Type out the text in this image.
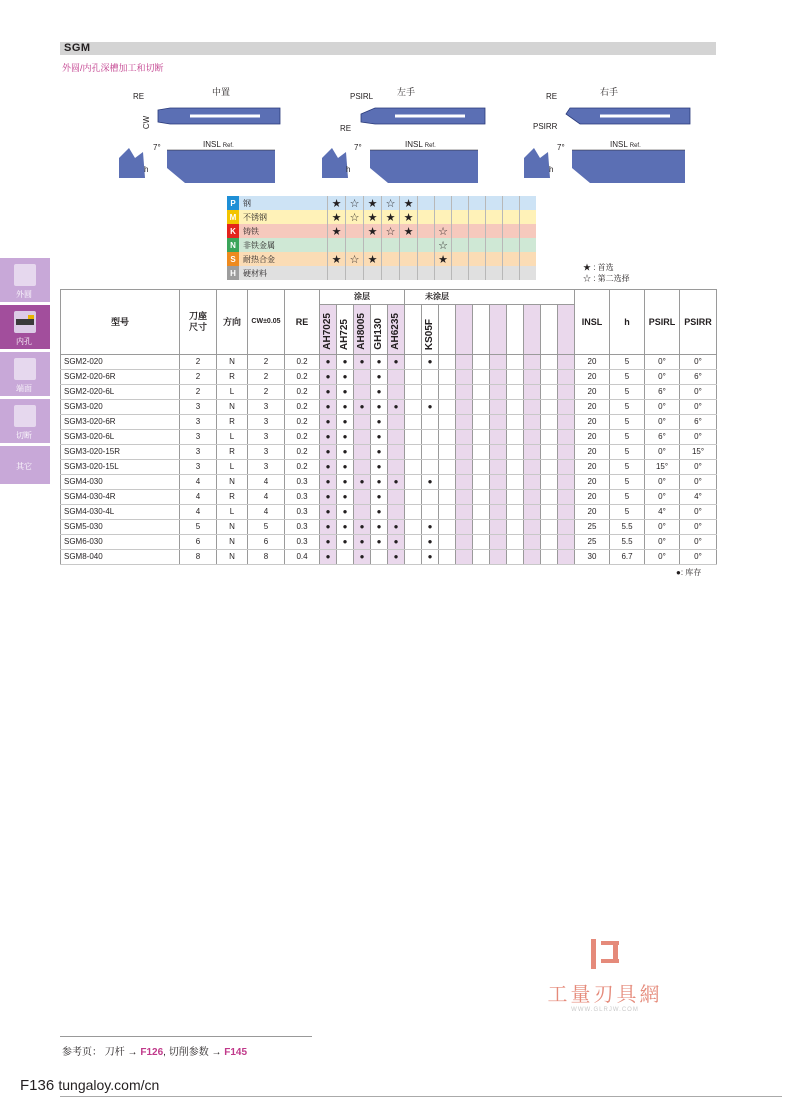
SGM
外圆/内孔深槽加工和切断
外圆
内孔
端面
切断
其它
中置
RE
CW
INSL Ref.
7°
h
左手
PSIRL
RE
INSL Ref.
7°
h
右手
RE
PSIRR
INSL Ref.
7°
h
P	钢	★	☆	★	☆	★							
M	不锈钢	★	☆	★	★	★							
K	铸铁	★		★	☆	★		☆					
N	非铁金属							☆					
S	耐热合金	★	☆	★				★					
H	硬材料												
★ : 首选
☆ : 第二选择
型号	刀座尺寸	方向	CW±0.05	RE	涂层					未涂层										INSL	h	PSIRL	PSIRR
					AH7025	AH725	AH8005	GH130	AH6235		KS05F												
SGM2-020	2	N	2	0.2	●	●	●	●	●		●									20	5	0°	0°
SGM2-020-6R	2	R	2	0.2	●	●		●												20	5	0°	6°
SGM2-020-6L	2	L	2	0.2	●	●		●												20	5	6°	0°
SGM3-020	3	N	3	0.2	●	●	●	●	●		●									20	5	0°	0°
SGM3-020-6R	3	R	3	0.2	●	●		●												20	5	0°	6°
SGM3-020-6L	3	L	3	0.2	●	●		●												20	5	6°	0°
SGM3-020-15R	3	R	3	0.2	●	●		●												20	5	0°	15°
SGM3-020-15L	3	L	3	0.2	●	●		●												20	5	15°	0°
SGM4-030	4	N	4	0.3	●	●	●	●	●		●									20	5	0°	0°
SGM4-030-4R	4	R	4	0.3	●	●		●												20	5	0°	4°
SGM4-030-4L	4	L	4	0.3	●	●		●												20	5	4°	0°
SGM5-030	5	N	5	0.3	●	●	●	●	●		●									25	5.5	0°	0°
SGM6-030	6	N	6	0.3	●	●	●	●	●		●									25	5.5	0°	0°
SGM8-040	8	N	8	0.4	●		●		●		●									30	6.7	0°	0°
●: 库存
工量刃具網
WWW.GLRJW.COM
参考页： 刀杆 → F126, 切削参数 → F145
F136 tungaloy.com/cn
